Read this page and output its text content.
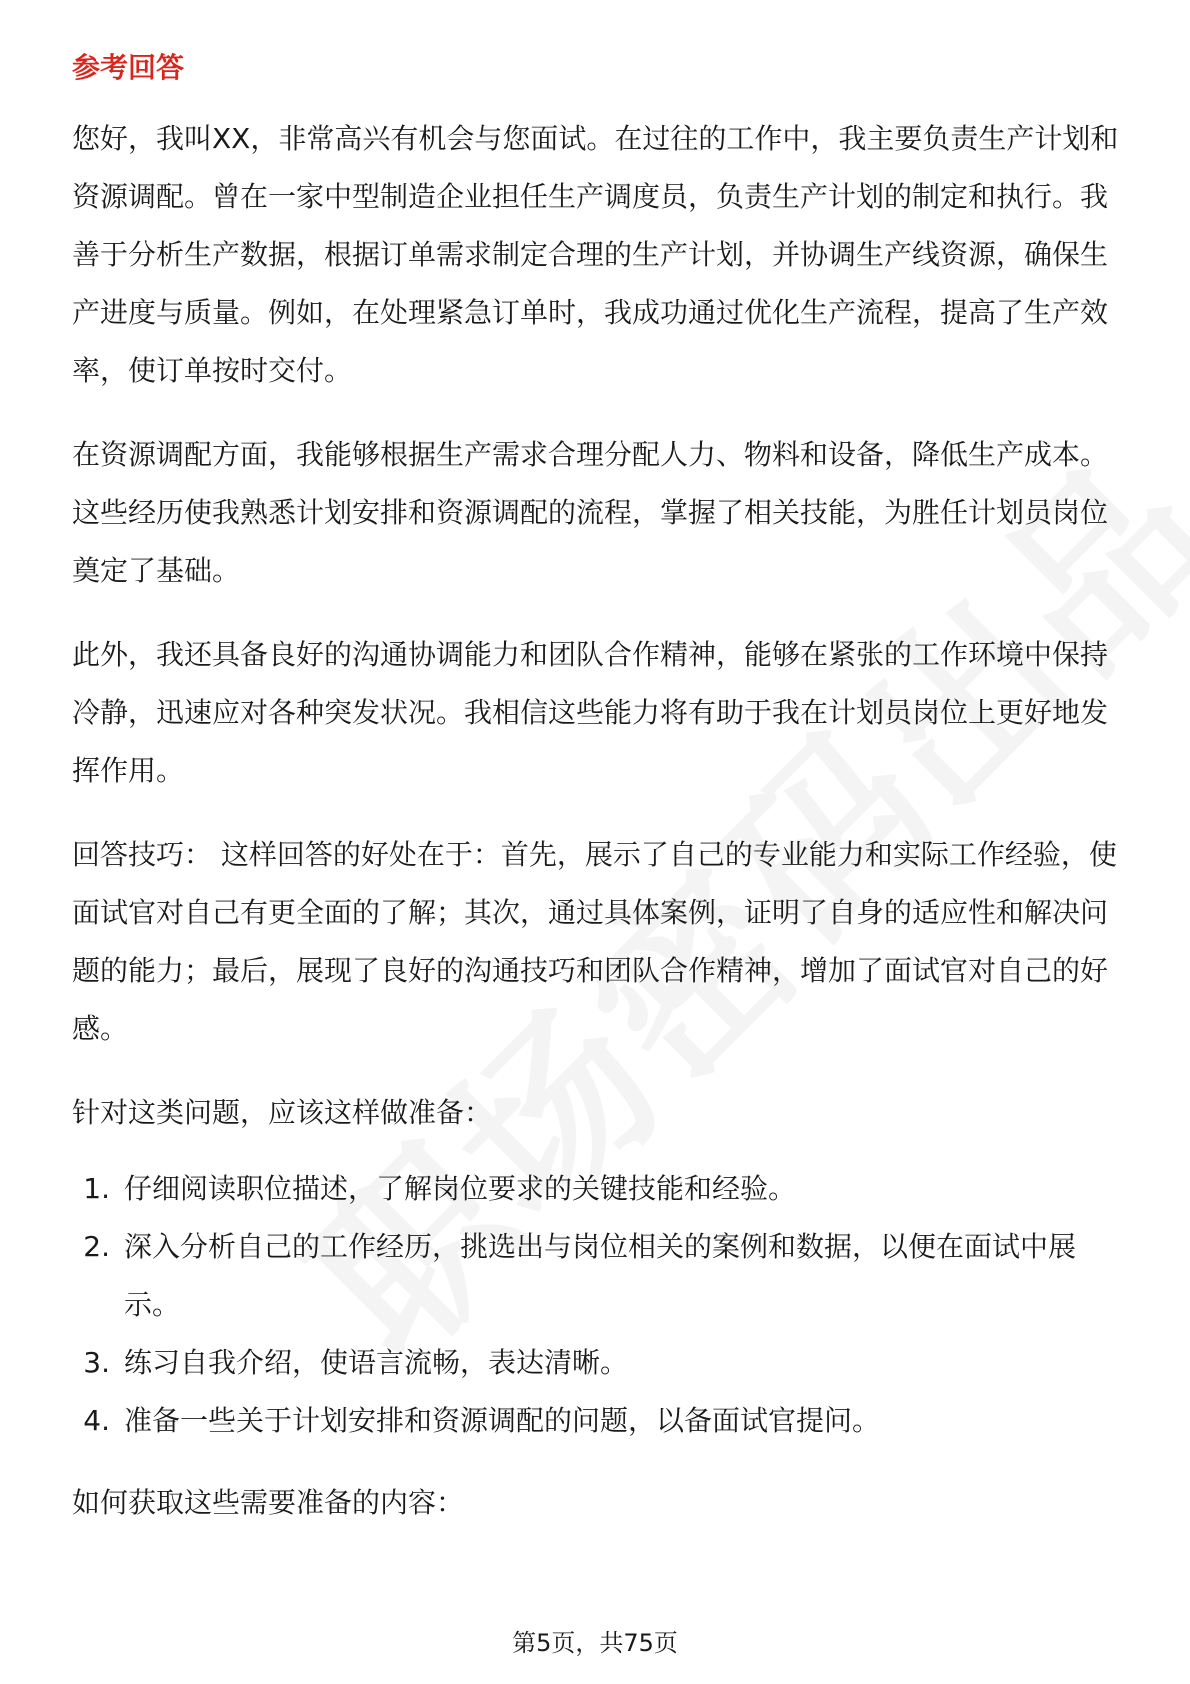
参考回答

您好，我叫XX，非常高兴有机会与您面试。在过往的工作中，我主要负责生产计划和资源调配。曾在一家中型制造企业担任生产调度员，负责生产计划的制定和执行。我善于分析生产数据，根据订单需求制定合理的生产计划，并协调生产线资源，确保生产进度与质量。例如，在处理紧急订单时，我成功通过优化生产流程，提高了生产效率，使订单按时交付。

在资源调配方面，我能够根据生产需求合理分配人力、物料和设备，降低生产成本。这些经历使我熟悉计划安排和资源调配的流程，掌握了相关技能，为胜任计划员岗位奠定了基础。

此外，我还具备良好的沟通协调能力和团队合作精神，能够在紧张的工作环境中保持冷静，迅速应对各种突发状况。我相信这些能力将有助于我在计划员岗位上更好地发挥作用。

回答技巧： 这样回答的好处在于：首先，展示了自己的专业能力和实际工作经验，使面试官对自己有更全面的了解；其次，通过具体案例，证明了自身的适应性和解决问题的能力；最后，展现了良好的沟通技巧和团队合作精神，增加了面试官对自己的好感。

针对这类问题，应该这样做准备：

1. 仔细阅读职位描述，了解岗位要求的关键技能和经验。
2. 深入分析自己的工作经历，挑选出与岗位相关的案例和数据，以便在面试中展示。
3. 练习自我介绍，使语言流畅，表达清晰。
4. 准备一些关于计划安排和资源调配的问题，以备面试官提问。

如何获取这些需要准备的内容：

第5页，共75页
